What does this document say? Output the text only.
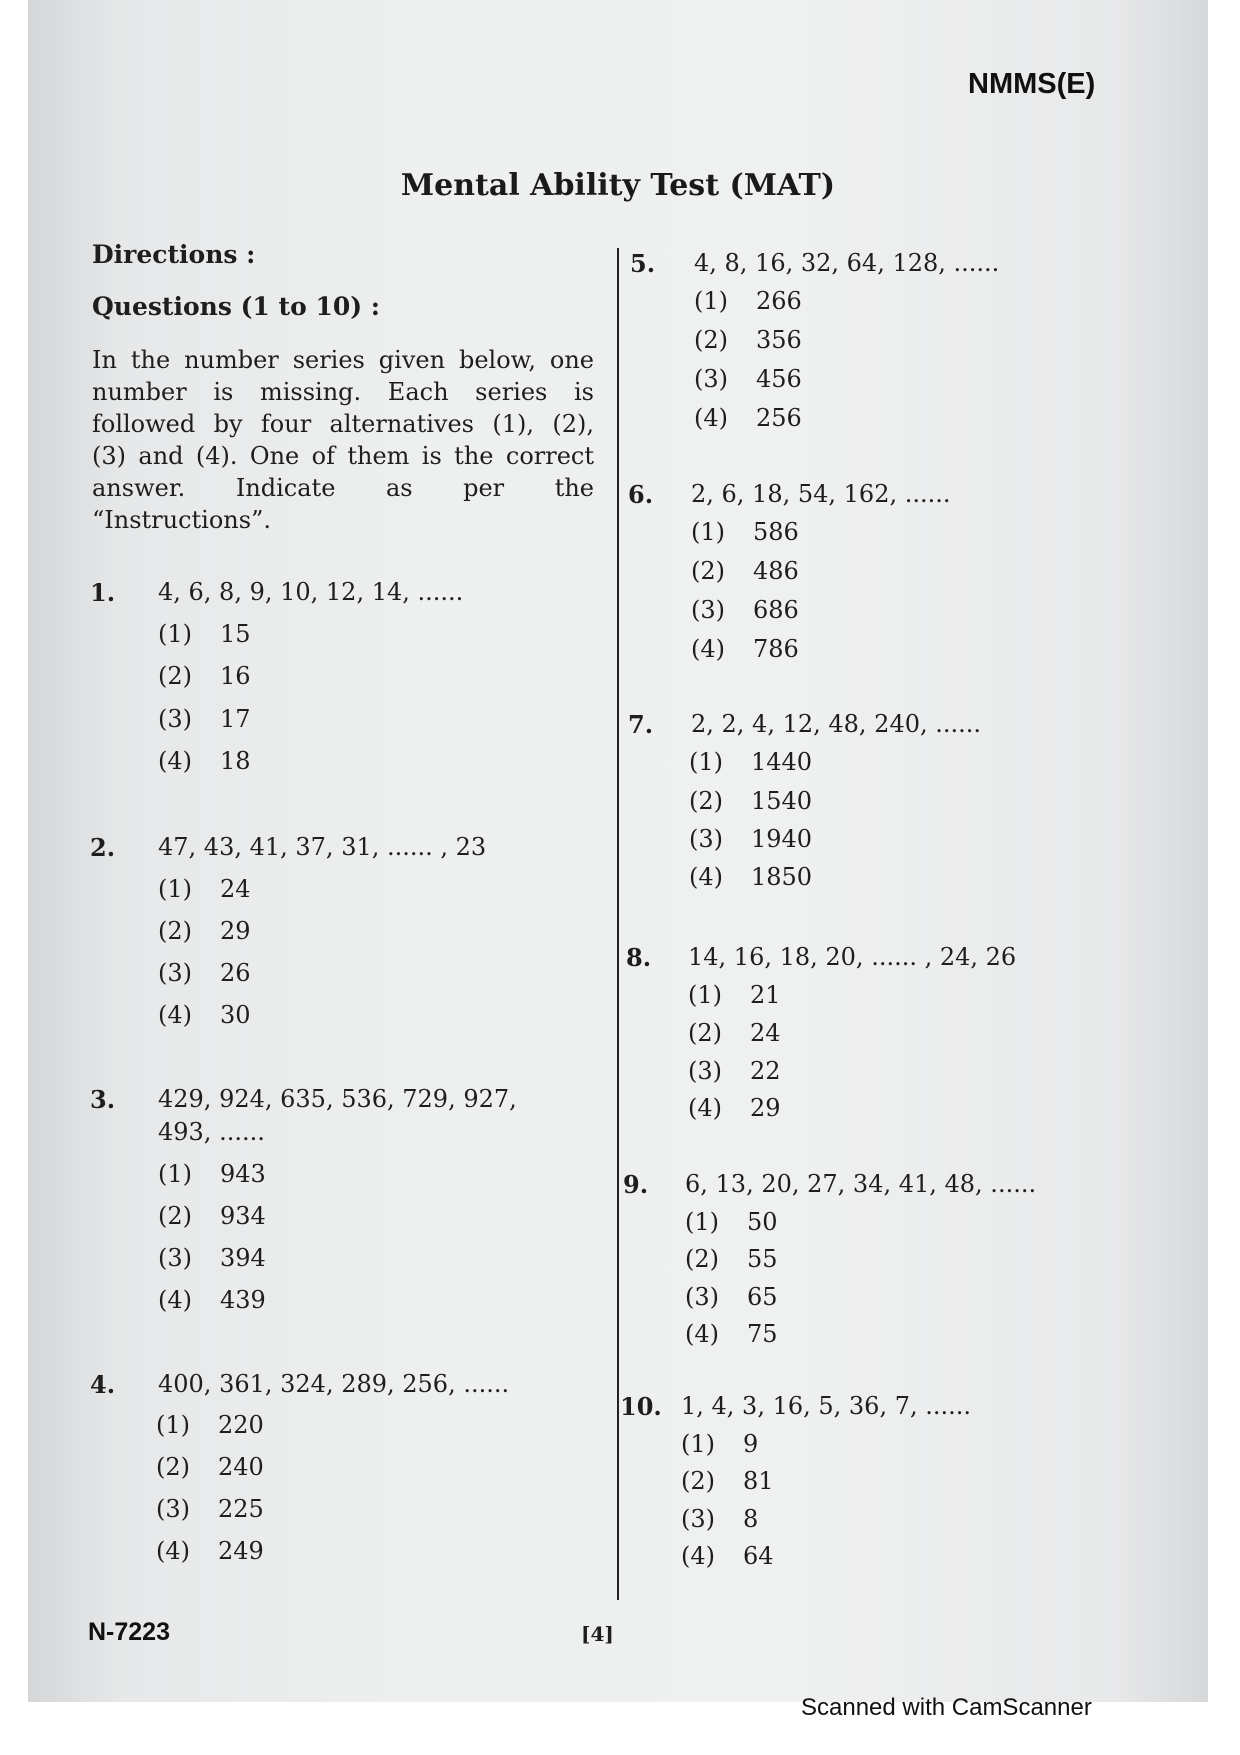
NMMS(E)
Mental Ability Test (MAT)
Directions :
Questions (1 to 10) :

In the number series given below, one

number is missing. Each series is

followed by four alternatives (1), (2),

(3) and (4). One of them is the correct

answer. Indicate as per the

“Instructions”.

1. 4, 6, 8, 9, 10, 12, 14, ......
(1) 15
(2) 16
(3) 17
(4) 18
2. 47, 43, 41, 37, 31, ...... , 23
(1) 24
(2) 29
(3) 26
(4) 30
3. 429, 924, 635, 536, 729, 927,
493, ......
(1) 943
(2) 934
(3) 394
(4) 439
4. 400, 361, 324, 289, 256, ......
(1) 220
(2) 240
(3) 225
(4) 249
5. 4, 8, 16, 32, 64, 128, ......
(1) 266
(2) 356
(3) 456
(4) 256
6. 2, 6, 18, 54, 162, ......
(1) 586
(2) 486
(3) 686
(4) 786
7. 2, 2, 4, 12, 48, 240, ......
(1) 1440
(2) 1540
(3) 1940
(4) 1850
8. 14, 16, 18, 20, ...... , 24, 26
(1) 21
(2) 24
(3) 22
(4) 29
9. 6, 13, 20, 27, 34, 41, 48, ......
(1) 50
(2) 55
(3) 65
(4) 75
10. 1, 4, 3, 16, 5, 36, 7, ......
(1) 9
(2) 81
(3) 8
(4) 64
N-7223	[4]
Scanned with CamScanner
